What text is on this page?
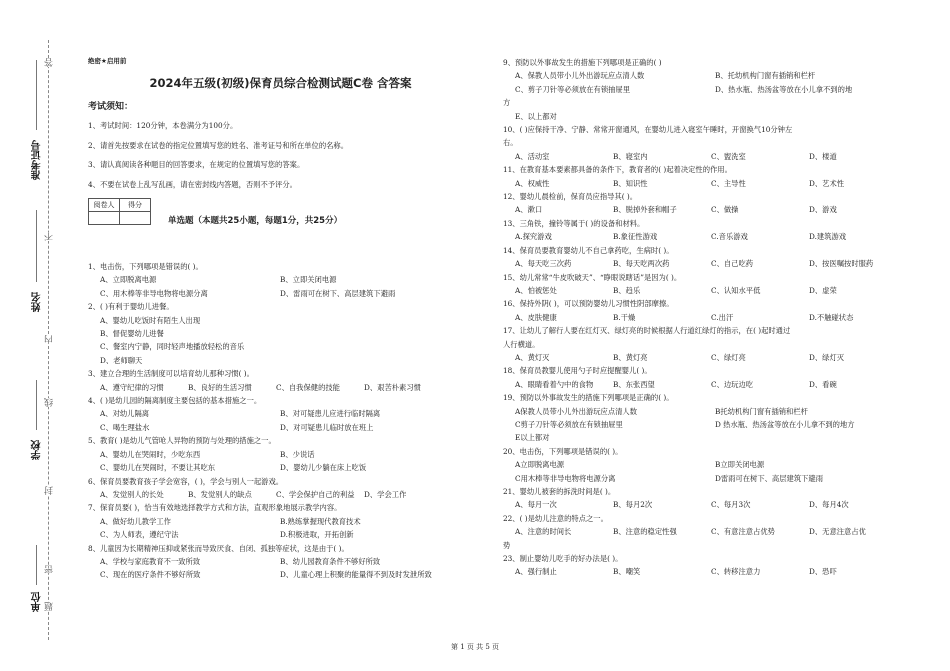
准考证号
姓名
学校
单位
答
不
内
线
封
密
题
绝密★启用前
2024年五级(初级)保育员综合检测试题C卷 含答案
考试须知：
1、考试时间：120分钟，本卷满分为100分。
2、请首先按要求在试卷的指定位置填写您的姓名、准考证号和所在单位的名称。
3、请认真阅读各种题目的回答要求，在规定的位置填写您的答案。
4、不要在试卷上乱写乱画，请在密封线内答题，否则不予评分。
阅卷人	得分

单选题（本题共25小题，每题1分，共25分）
1、电击伤，下列哪项是错误的( )。
A、立即脱离电源	B、立即关闭电源
C、用木棒等非导电物将电源分离	D、雷雨可在树下、高层建筑下避雨
2、( )有利于婴幼儿进餐。
A、婴幼儿吃饭时有陌生人出现
B、督促婴幼儿进餐
C、餐室内宁静，同时轻声地播放轻松的音乐
D、老师聊天
3、建立合理的生活制度可以培育幼儿那种习惯( )。
A、遵守纪律的习惯	B、良好的生活习惯	C、自我保健的技能	D、艰苦朴素习惯
4、( )是幼儿园的隔离制度主要包括的基本措施之一。
A、对幼儿隔离	B、对可疑患儿应进行临时隔离
C、喝生理盐水	D、对可疑患儿临时放在班上
5、教育( )是幼儿气管呛人异物的预防与处理的措施之一。
A、婴幼儿在哭闹时，少吃东西	B、少说话
C、婴幼儿在哭闹时，不要让其吃东	D、婴幼儿少躺在床上吃饭
6、保育员要教育孩子学会宽容，( )，学会与别人一起游戏。
A、发觉别人的长处	B、发觉别人的缺点	C、学会保护自己的利益	D、学会工作
7、保育员要( )，恰当有效地选择教学方式和方法，直观形象地展示教学内容。
A、做好幼儿教学工作	B.熟练掌握现代教育技术
C、为人师表，遵纪守法	D.积极进取，开拓创新
8、儿童因为长期精神压抑或紧张而导致厌食、自闭、孤独等症状，这是由于( )。
A、学校与家庭教育不一致所致	B、幼儿园教育条件不够好所致
C、现在的医疗条件不够好所致	D、儿童心理上积聚的能量得不到及时发泄所致
9、预防以外事故发生的措施下列哪项是正确的( )
A、保教人员带小儿外出游玩应点清人数	B、托幼机构门窗有插销和栏杆
C、剪子刀针等必须放在有锁抽屉里	D、热水瓶、热汤盆等放在小儿拿不到的地
方
E、以上都对
10、( )应保持干净、宁静、常常开窗通风，在婴幼儿进入寝室午睡时，开窗换气10分钟左
右。
A、活动室	B、寝室内	C、盥洗室	D、楼道
11、在教育基本要素都具备的条件下，教育者的( )起着决定性的作用。
A、权威性	B、知识性	C、主导性	D、艺术性
12、婴幼儿晨检前，保育员应指导其( )。
A、漱口	B、脱掉外套和帽子	C、做操	D、游戏
13、三角铁，撞铃等属于( )的设备和材料。
A.探究游戏	B.象征性游戏	C.音乐游戏	D.建筑游戏
14、保育员要教育婴幼儿不自己拿药吃，生病时( )。
A、每天吃三次药	B、每天吃两次药	C、自己吃药	D、按医嘱按时服药
15、幼儿常常“牛皮吹破天”、“睁眼说瞎话”是因为( )。
A、怕被惩处	B、趋乐	C、认知水平低	D、虚荣
16、保持外阴( )，可以预防婴幼儿习惯性阴部摩擦。
A、皮肤健康	B.干燥	C.出汗	D.不触碰状态
17、让幼儿了解行人要在红灯灭、绿灯亮的时候根据人行道红绿灯的指示，在( )起时通过
人行横道。
A、黄灯灭	B、黄灯亮	C、绿灯亮	D、绿灯灭
18、保育员教婴儿使用勺子时应提醒婴儿( )。
A、眼睛看着勺中的食物	B、东张西望	C、边玩边吃	D、看碗
19、预防以外事故发生的措施下列哪项是正确的( )。
A保教人员带小儿外出游玩应点清人数	B托幼机构门窗有插销和栏杆
C剪子刀针等必须放在有锁抽屉里	D 热水瓶、热汤盆等放在小儿拿不到的地方
E以上都对
20、电击伤，下列哪项是错误的( )。
A立即脱离电源	B立即关闭电源
C用木棒等非导电物将电源分离	D雷雨可在树下、高层建筑下避雨
21、婴幼儿被套的拆洗时间是( )。
A、每月一次	B、每月2次	C、每月3次	D、每月4次
22、( )是幼儿注意的特点之一。
A、注意的时间长	B、注意的稳定性强	C、有意注意占优势	D、无意注意占优
势
23、制止婴幼儿吃手的好办法是( )。
A、强行制止	B、嘲笑	C、转移注意力	D、恐吓
第 1 页 共 5 页
